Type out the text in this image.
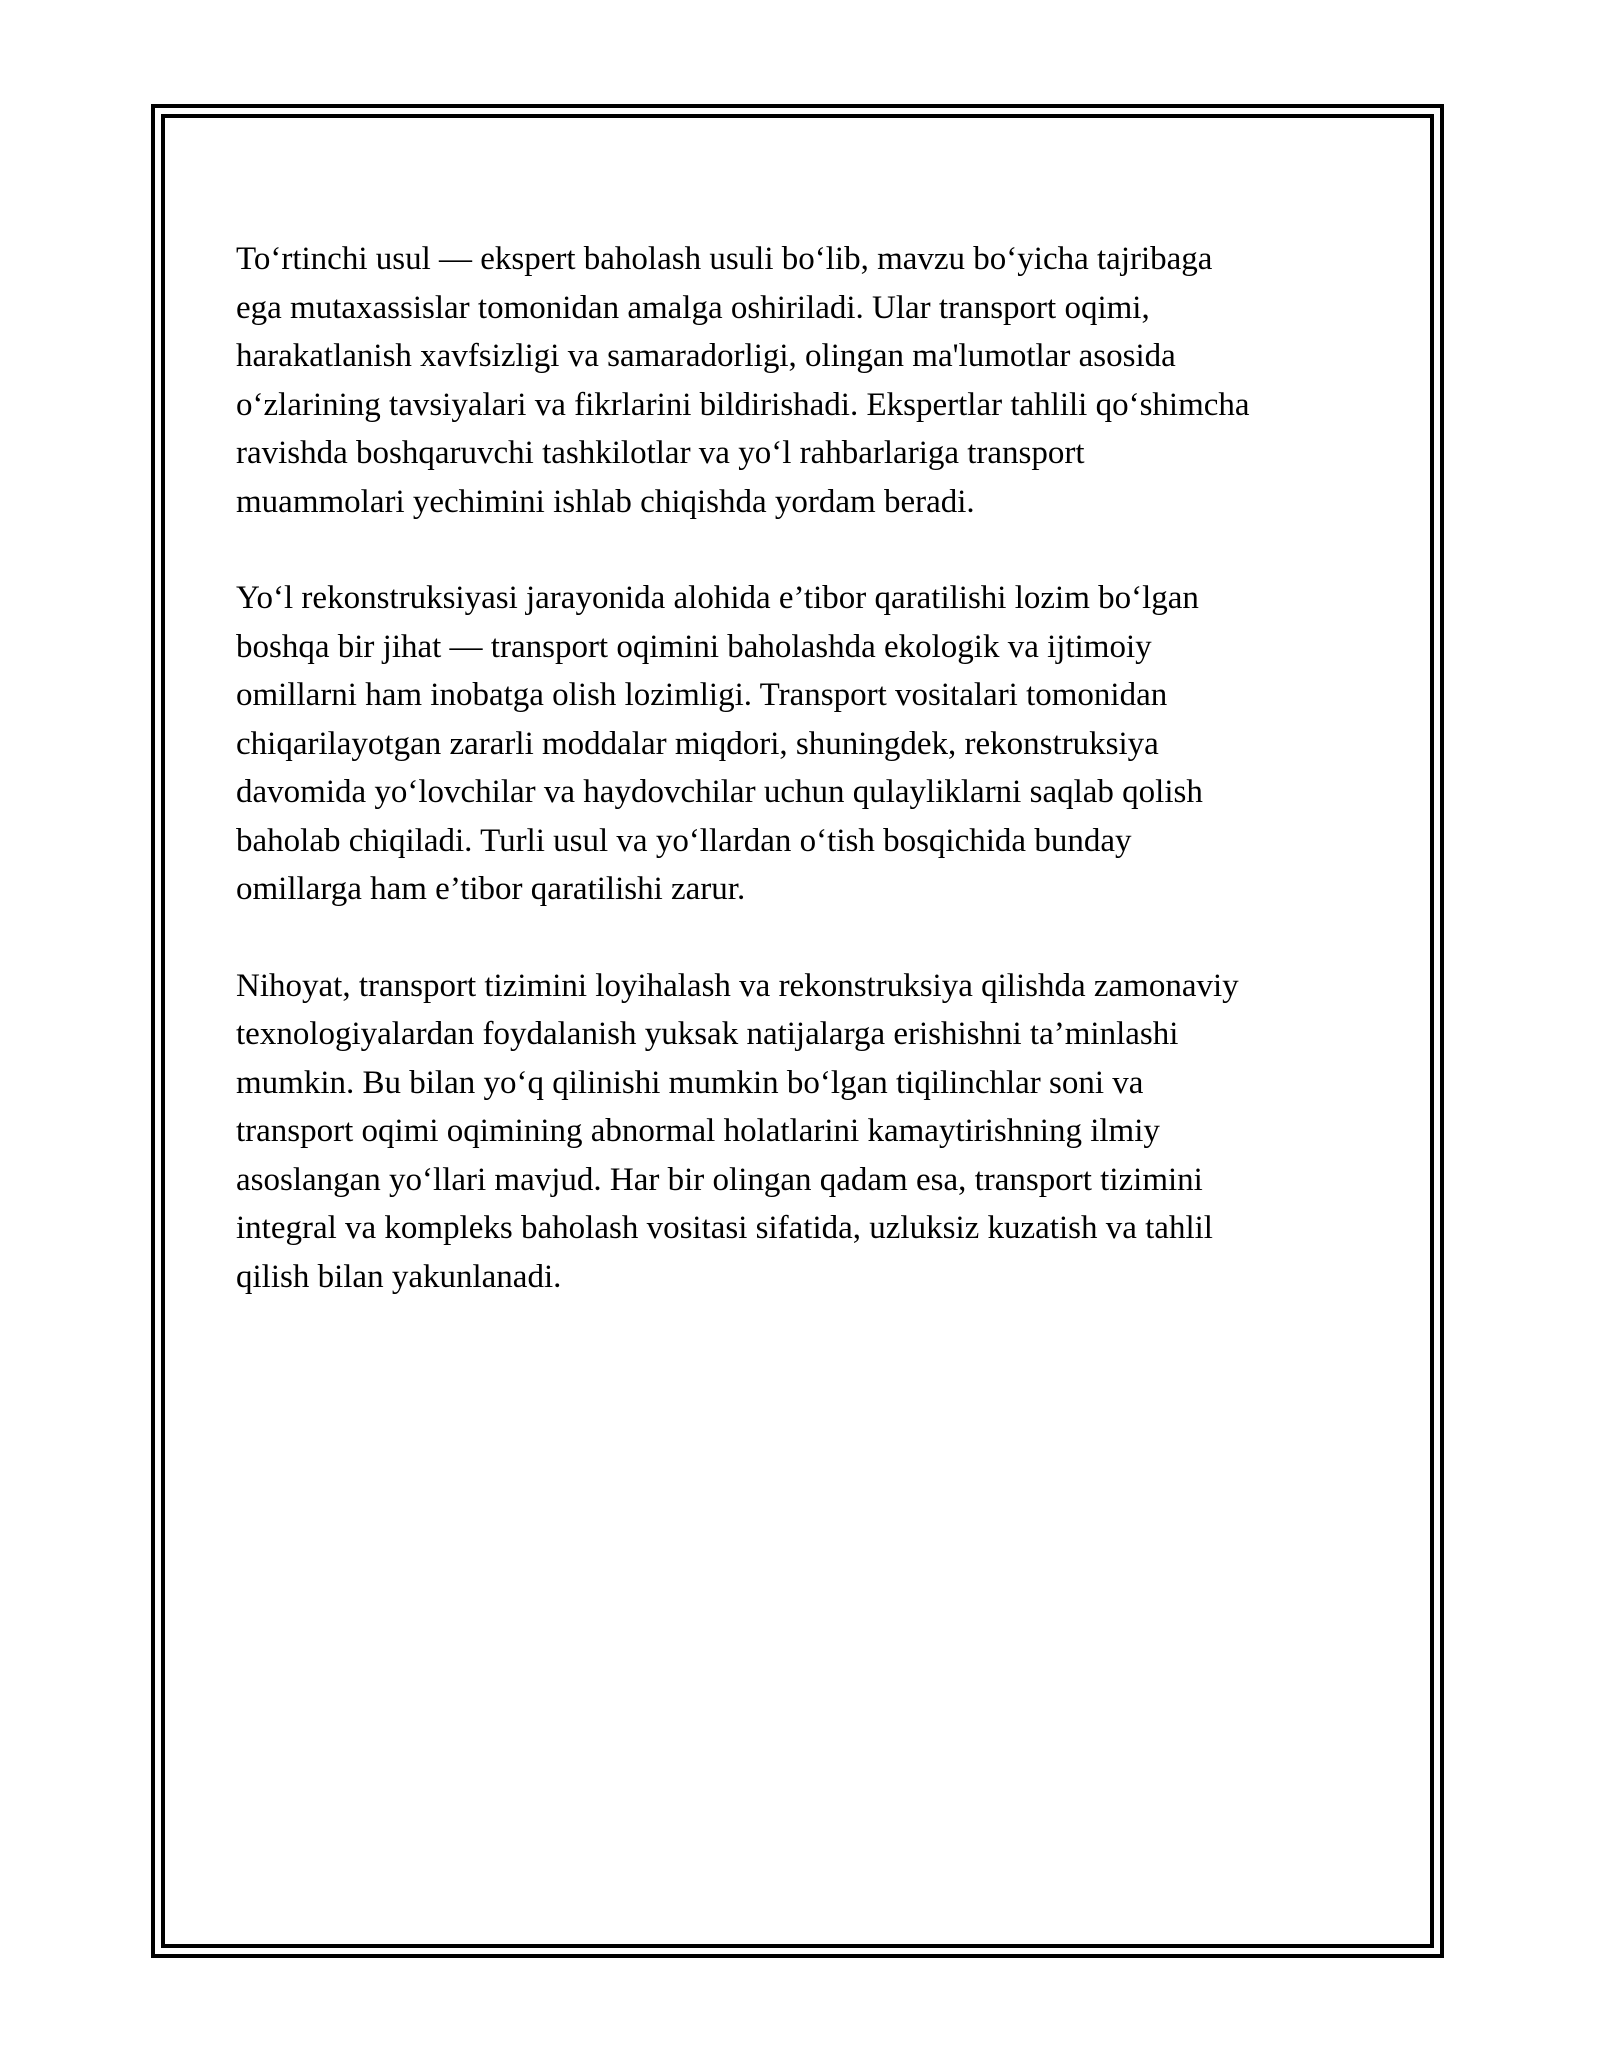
To‘rtinchi usul — ekspert baholash usuli bo‘lib, mavzu bo‘yicha tajribaga
ega mutaxassislar tomonidan amalga oshiriladi. Ular transport oqimi,
harakatlanish xavfsizligi va samaradorligi, olingan ma'lumotlar asosida
o‘zlarining tavsiyalari va fikrlarini bildirishadi. Ekspertlar tahlili qo‘shimcha
ravishda boshqaruvchi tashkilotlar va yo‘l rahbarlariga transport
muammolari yechimini ishlab chiqishda yordam beradi.

Yo‘l rekonstruksiyasi jarayonida alohida e’tibor qaratilishi lozim bo‘lgan
boshqa bir jihat — transport oqimini baholashda ekologik va ijtimoiy
omillarni ham inobatga olish lozimligi. Transport vositalari tomonidan
chiqarilayotgan zararli moddalar miqdori, shuningdek, rekonstruksiya
davomida yo‘lovchilar va haydovchilar uchun qulayliklarni saqlab qolish
baholab chiqiladi. Turli usul va yo‘llardan o‘tish bosqichida bunday
omillarga ham e’tibor qaratilishi zarur.

Nihoyat, transport tizimini loyihalash va rekonstruksiya qilishda zamonaviy
texnologiyalardan foydalanish yuksak natijalarga erishishni ta’minlashi
mumkin. Bu bilan yo‘q qilinishi mumkin bo‘lgan tiqilinchlar soni va
transport oqimi oqimining abnormal holatlarini kamaytirishning ilmiy
asoslangan yo‘llari mavjud. Har bir olingan qadam esa, transport tizimini
integral va kompleks baholash vositasi sifatida, uzluksiz kuzatish va tahlil
qilish bilan yakunlanadi.
